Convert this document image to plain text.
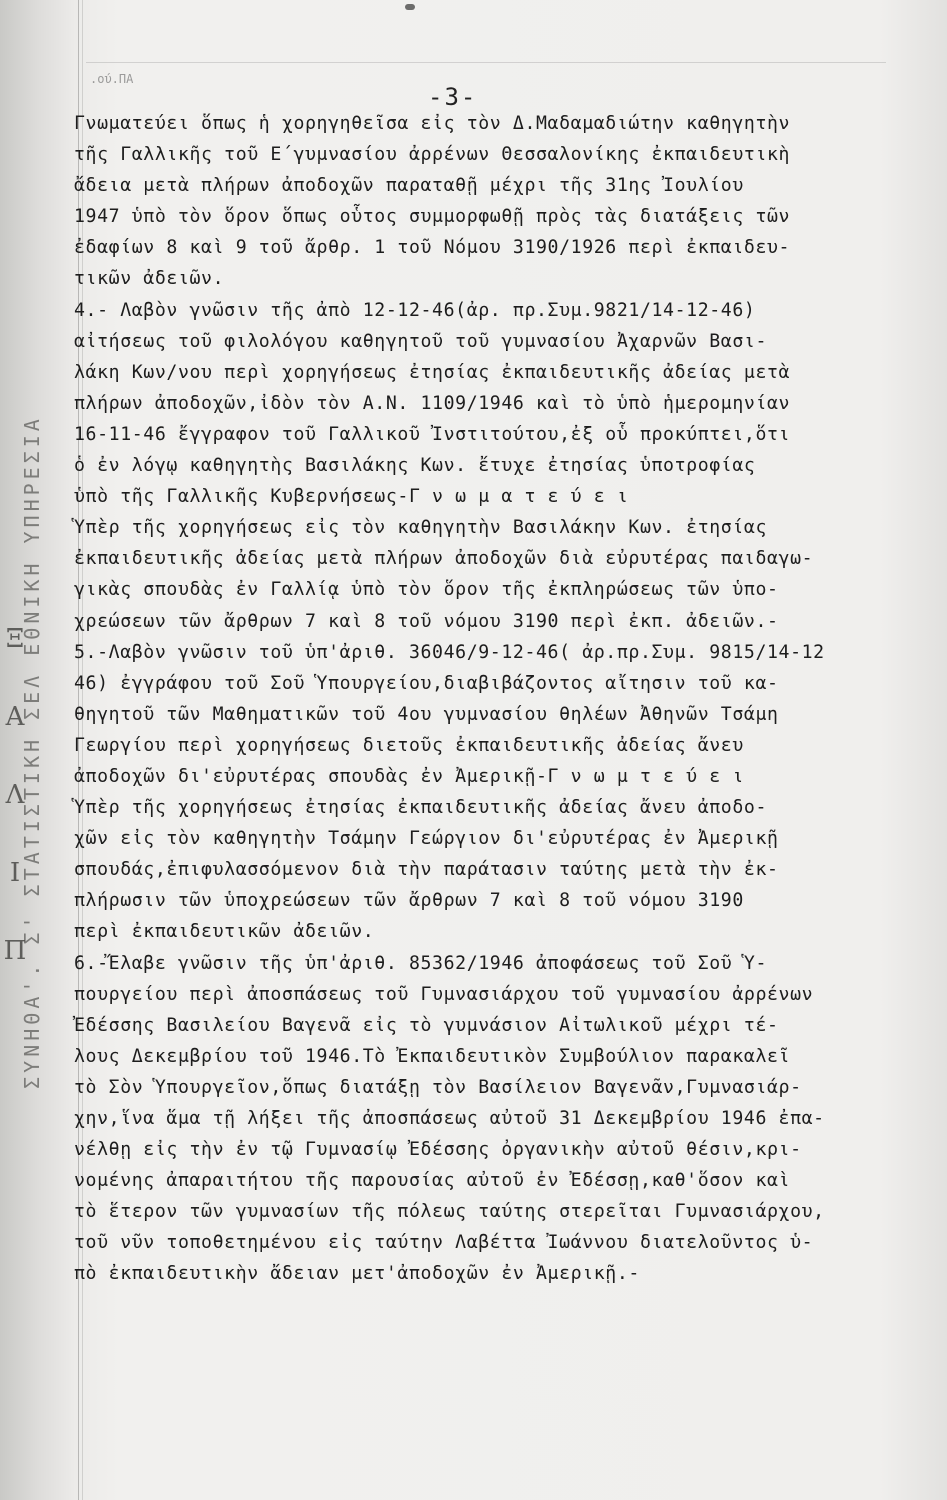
ΣΥΝΗΘΑ'. Σ' ΣΤΑΤΙΣΤΙΚΗ ΣΕΛ ΕΘΝΙΚΗ ΥΠΗΡΕΣΙΑ
Ξ
Α
Λ
Ι
Π
.ού.ΠΑ
-3-
Γνωματεύει ὅπως ἡ χορηγηθεῖσα εἰς τὸν Δ.Μαδαμαδιώτην καθηγητὴν
τῆς Γαλλικῆς τοῦ Ε΄γυμνασίου ἀρρένων Θεσσαλονίκης ἐκπαιδευτικὴ
ἄδεια μετὰ πλήρων ἀποδοχῶν παραταθῇ μέχρι τῆς 31ης Ἰουλίου
1947 ὑπὸ τὸν ὅρον ὅπως οὗτος συμμορφωθῇ πρὸς τὰς διατάξεις τῶν
ἐδαφίων 8 καὶ 9 τοῦ ἄρθρ. 1 τοῦ Νόμου 3190/1926 περὶ ἐκπαιδευ-
τικῶν ἀδειῶν.
4.- Λαβὸν γνῶσιν τῆς ἀπὸ 12-12-46(ἀρ. πρ.Συμ.9821/14-12-46)
αἰτήσεως τοῦ φιλολόγου καθηγητοῦ τοῦ γυμνασίου Ἀχαρνῶν Βασι-
λάκη Κων/νου περὶ χορηγήσεως ἐτησίας ἐκπαιδευτικῆς ἀδείας μετὰ
πλήρων ἀποδοχῶν,ἰδὸν τὸν Α.Ν. 1109/1946 καὶ τὸ ὑπὸ ἡμερομηνίαν
16-11-46 ἔγγραφον τοῦ Γαλλικοῦ Ἰνστιτούτου,ἐξ οὗ προκύπτει,ὅτι
ὁ ἐν λόγῳ καθηγητὴς Βασιλάκης Κων. ἔτυχε ἐτησίας ὑποτροφίας
ὑπὸ τῆς Γαλλικῆς Κυβερνήσεως-Γ ν ω μ α τ ε ύ ε ι
Ὑπὲρ τῆς χορηγήσεως εἰς τὸν καθηγητὴν Βασιλάκην Κων. ἐτησίας
ἐκπαιδευτικῆς ἀδείας μετὰ πλήρων ἀποδοχῶν διὰ εὐρυτέρας παιδαγω-
γικὰς σπουδὰς ἐν Γαλλίᾳ ὑπὸ τὸν ὅρον τῆς ἐκπληρώσεως τῶν ὑπο-
χρεώσεων τῶν ἄρθρων 7 καὶ 8 τοῦ νόμου 3190 περὶ ἐκπ. ἀδειῶν.-
5.-Λαβὸν γνῶσιν τοῦ ὑπ'ἀριθ. 36046/9-12-46( ἀρ.πρ.Συμ. 9815/14-12
46) ἐγγράφου τοῦ Σοῦ Ὑπουργείου,διαβιβάζοντος αἴτησιν τοῦ κα-
θηγητοῦ τῶν Μαθηματικῶν τοῦ 4ου γυμνασίου θηλέων Ἀθηνῶν Τσάμη
Γεωργίου περὶ χορηγήσεως διετοῦς ἐκπαιδευτικῆς ἀδείας ἄνευ
ἀποδοχῶν δι'εὐρυτέρας σπουδὰς ἐν Ἀμερικῇ-Γ ν ω μ τ ε ύ ε ι
Ὑπὲρ τῆς χορηγήσεως ἐτησίας ἐκπαιδευτικῆς ἀδείας ἄνευ ἀποδο-
χῶν εἰς τὸν καθηγητὴν Τσάμην Γεώργιον δι'εὐρυτέρας ἐν Ἀμερικῇ
σπουδάς,ἐπιφυλασσόμενον διὰ τὴν παράτασιν ταύτης μετὰ τὴν ἐκ-
πλήρωσιν τῶν ὑποχρεώσεων τῶν ἄρθρων 7 καὶ 8 τοῦ νόμου 3190
περὶ ἐκπαιδευτικῶν ἀδειῶν.
6.-Ἔλαβε γνῶσιν τῆς ὑπ'ἀριθ. 85362/1946 ἀποφάσεως τοῦ Σοῦ Ὑ-
πουργείου περὶ ἀποσπάσεως τοῦ Γυμνασιάρχου τοῦ γυμνασίου ἀρρένων
Ἐδέσσης Βασιλείου Βαγενᾶ εἰς τὸ γυμνάσιον Αἰτωλικοῦ μέχρι τέ-
λους Δεκεμβρίου τοῦ 1946.Τὸ Ἐκπαιδευτικὸν Συμβούλιον παρακαλεῖ
τὸ Σὸν Ὑπουργεῖον,ὅπως διατάξῃ τὸν Βασίλειον Βαγενᾶν,Γυμνασιάρ-
χην,ἵνα ἅμα τῇ λήξει τῆς ἀποσπάσεως αὐτοῦ 31 Δεκεμβρίου 1946 ἐπα-
νέλθῃ εἰς τὴν ἐν τῷ Γυμνασίῳ Ἐδέσσης ὀργανικὴν αὐτοῦ θέσιν,κρι-
νομένης ἀπαραιτήτου τῆς παρουσίας αὐτοῦ ἐν Ἐδέσσῃ,καθ'ὅσον καὶ
τὸ ἕτερον τῶν γυμνασίων τῆς πόλεως ταύτης στερεῖται Γυμνασιάρχου,
τοῦ νῦν τοποθετημένου εἰς ταύτην Λαβέττα Ἰωάννου διατελοῦντος ὑ-
πὸ ἐκπαιδευτικὴν ἄδειαν μετ'ἀποδοχῶν ἐν Ἀμερικῇ.-
